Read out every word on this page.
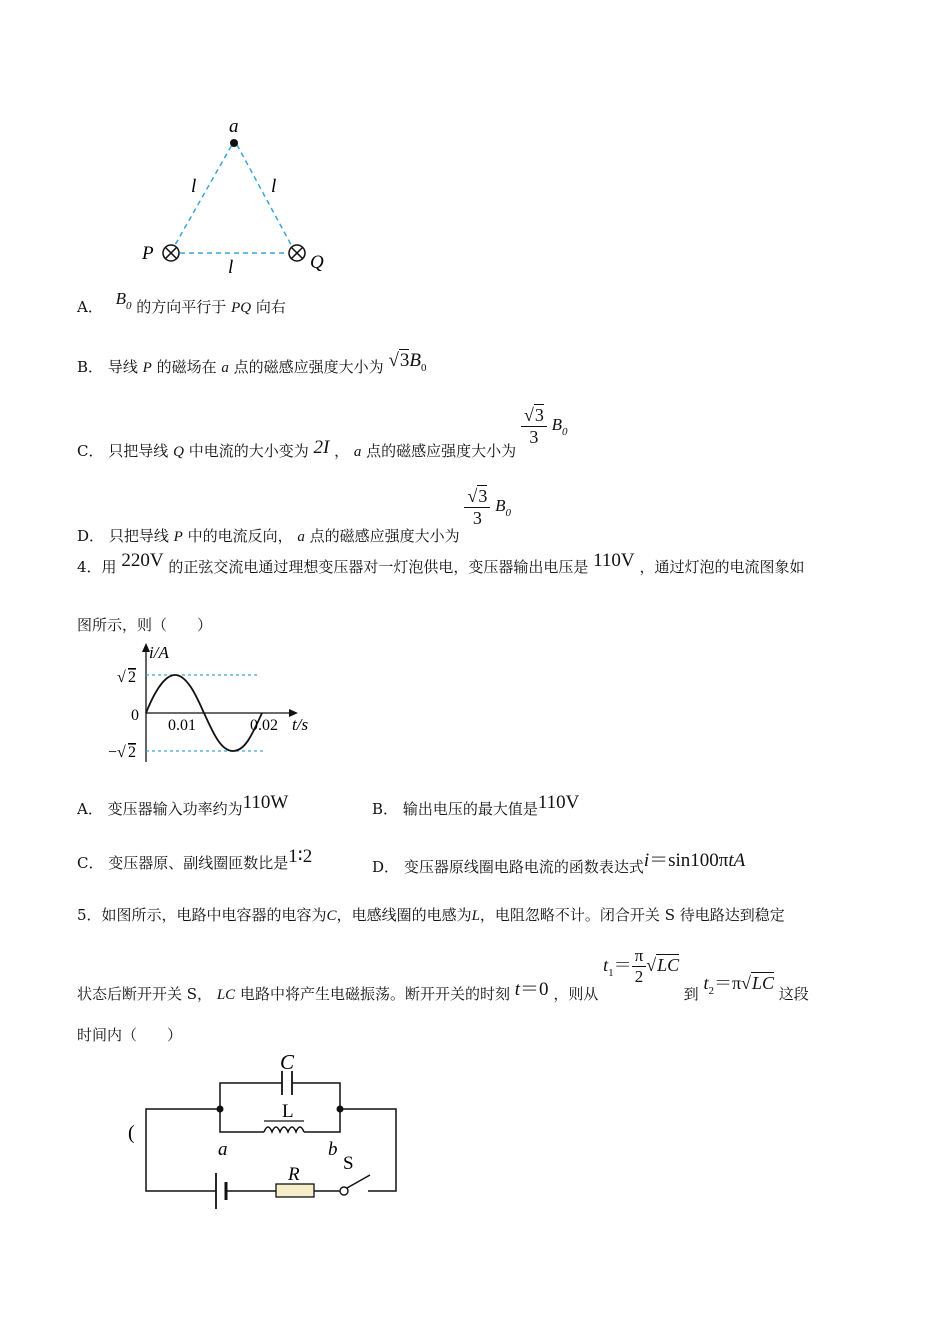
a
l	l
l
P	Q
A． $B_0$ 的方向平行于 PQ 向右
B． 导线 P 的磁场在 a 点的磁感应强度大小为 $√3B_0$
C． 只把导线 Q 中电流的大小变为 2I ， a 点的磁感应强度大小为
$\frac{√3}{3} B_0$
D． 只把导线 P 中的电流反向， a 点的磁感应强度大小为
$\frac{√3}{3} B_0$
4．用 220V 的正弦交流电通过理想变压器对一灯泡供电，变压器输出电压是 110V ，通过灯泡的电流图象如
图所示，则（　　）
i/A
t/s
0
√ 2
− √ 2
0.01	0.02
A． 变压器输入功率约为110W	B． 输出电压的最大值是110V
C． 变压器原、副线圈匝数比是1∶2	D． 变压器原线圈电路电流的函数表达式i＝sin100πtA
5．如图所示，电路中电容器的电容为C，电感线圈的电感为L，电阻忽略不计。闭合开关 S 待电路达到稳定
状态后断开开关 S， LC 电路中将产生电磁振荡。断开开关的时刻 t＝0 ，则从 $t_1= \frac{\pi}{2} √LC$ 到 $t_2=\pi√LC$ 这段
时间内（　　）
C
L
a	b
R
S
(
